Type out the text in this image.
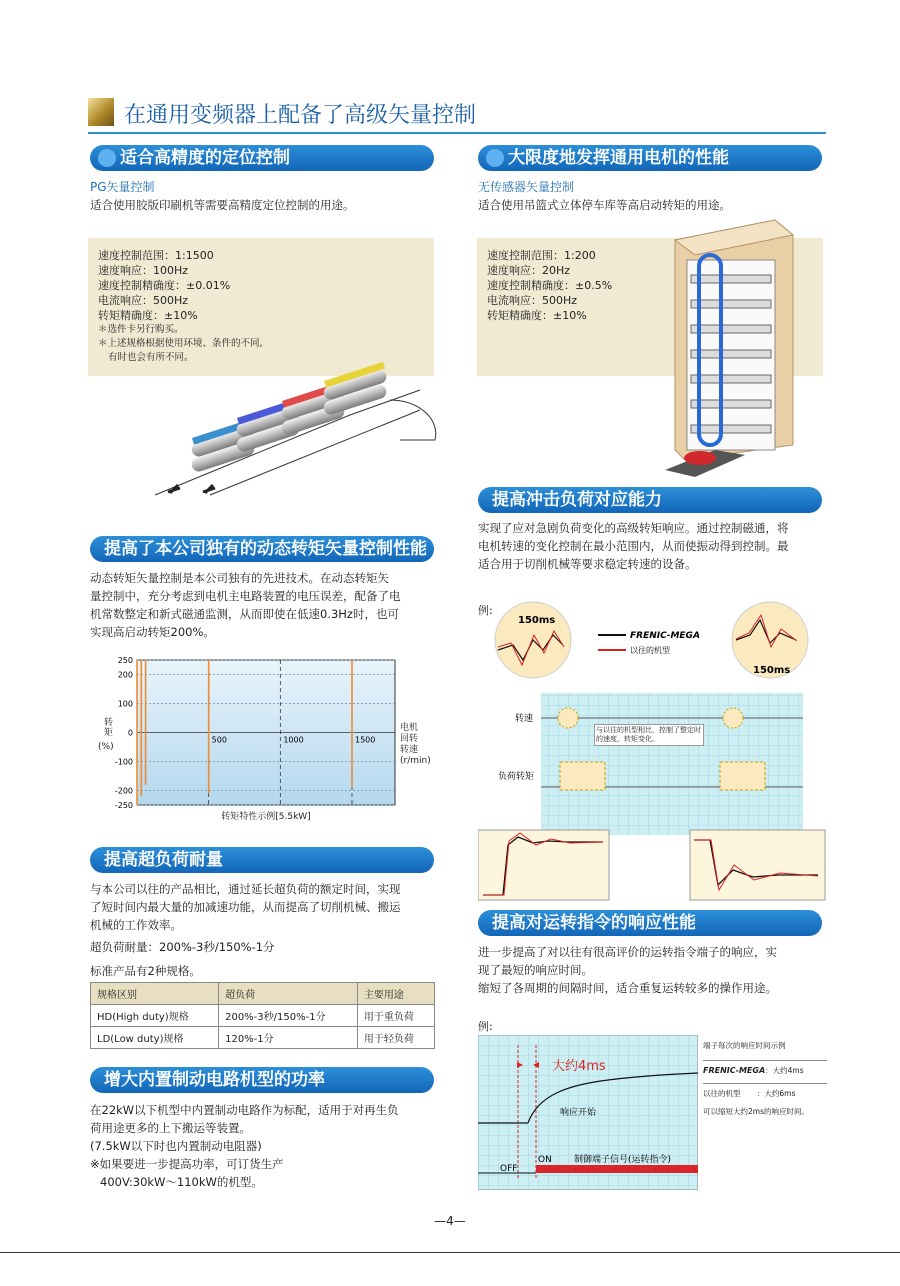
在通用变频器上配备了高级矢量控制
适合高精度的定位控制
PG矢量控制
适合使用胶版印刷机等需要高精度定位控制的用途。
速度控制范围：1:1500
速度响应：100Hz
速度控制精确度：±0.01%
电流响应：500Hz
转矩精确度：±10%
＊选件卡另行购买。
＊上述规格根据使用环境、条件的不同,
有时也会有所不同。
提高了本公司独有的动态转矩矢量控制性能
动态转矩矢量控制是本公司独有的先进技术。在动态转矩矢
量控制中，充分考虑到电机主电路装置的电压误差，配备了电
机常数整定和新式磁通监测，从而即使在低速0.3Hz时，也可
实现高启动转矩200%。
250
200
100
0
-100
-200
-250
500	1000	1500
转矩(%)
电机回转转速(r/min)
转矩特性示例[5.5kW]
提高超负荷耐量
与本公司以往的产品相比，通过延长超负荷的额定时间，实现
了短时间内最大量的加减速功能，从而提高了切削机械、搬运
机械的工作效率。
超负荷耐量：200%-3秒/150%-1分
标准产品有2种规格。
规格区别	超负荷	主要用途
HD(High duty)规格	200%-3秒/150%-1分	用于重负荷
LD(Low duty)规格	120%-1分	用于轻负荷
增大内置制动电路机型的功率
在22kW以下机型中内置制动电路作为标配，适用于对再生负
荷用途更多的上下搬运等装置。
(7.5kW以下时也内置制动电阻器)
※如果要进一步提高功率，可订货生产
400V:30kW～110kW的机型。
大限度地发挥通用电机的性能
无传感器矢量控制
适合使用吊篮式立体停车库等高启动转矩的用途。
速度控制范围：1:200
速度响应：20Hz
速度控制精确度：±0.5%
电流响应：500Hz
转矩精确度：±10%
提高冲击负荷对应能力
实现了应对急剧负荷变化的高级转矩响应。通过控制磁通，将
电机转速的变化控制在最小范围内，从而使振动得到控制。最
适合用于切削机械等要求稳定转速的设备。
例:
150ms
150ms
FRENIC-MEGA
以往的机型
转速
负荷转矩
与以往的机型相比，控制了整定时的速度，转矩变化。
提高对运转指令的响应性能
进一步提高了对以往有很高评价的运转指令端子的响应，实
现了最短的响应时间。
缩短了各周期的间隔时间，适合重复运转较多的操作用途。
例:
大约4ms
响应开始
OFF
ON 制御端子信号(运转指令)
端子每次的响应时间示例
FRENIC-MEGA：大约4ms
以往的机型 ：大约6ms
可以缩短大约2ms的响应时间。
—4—
